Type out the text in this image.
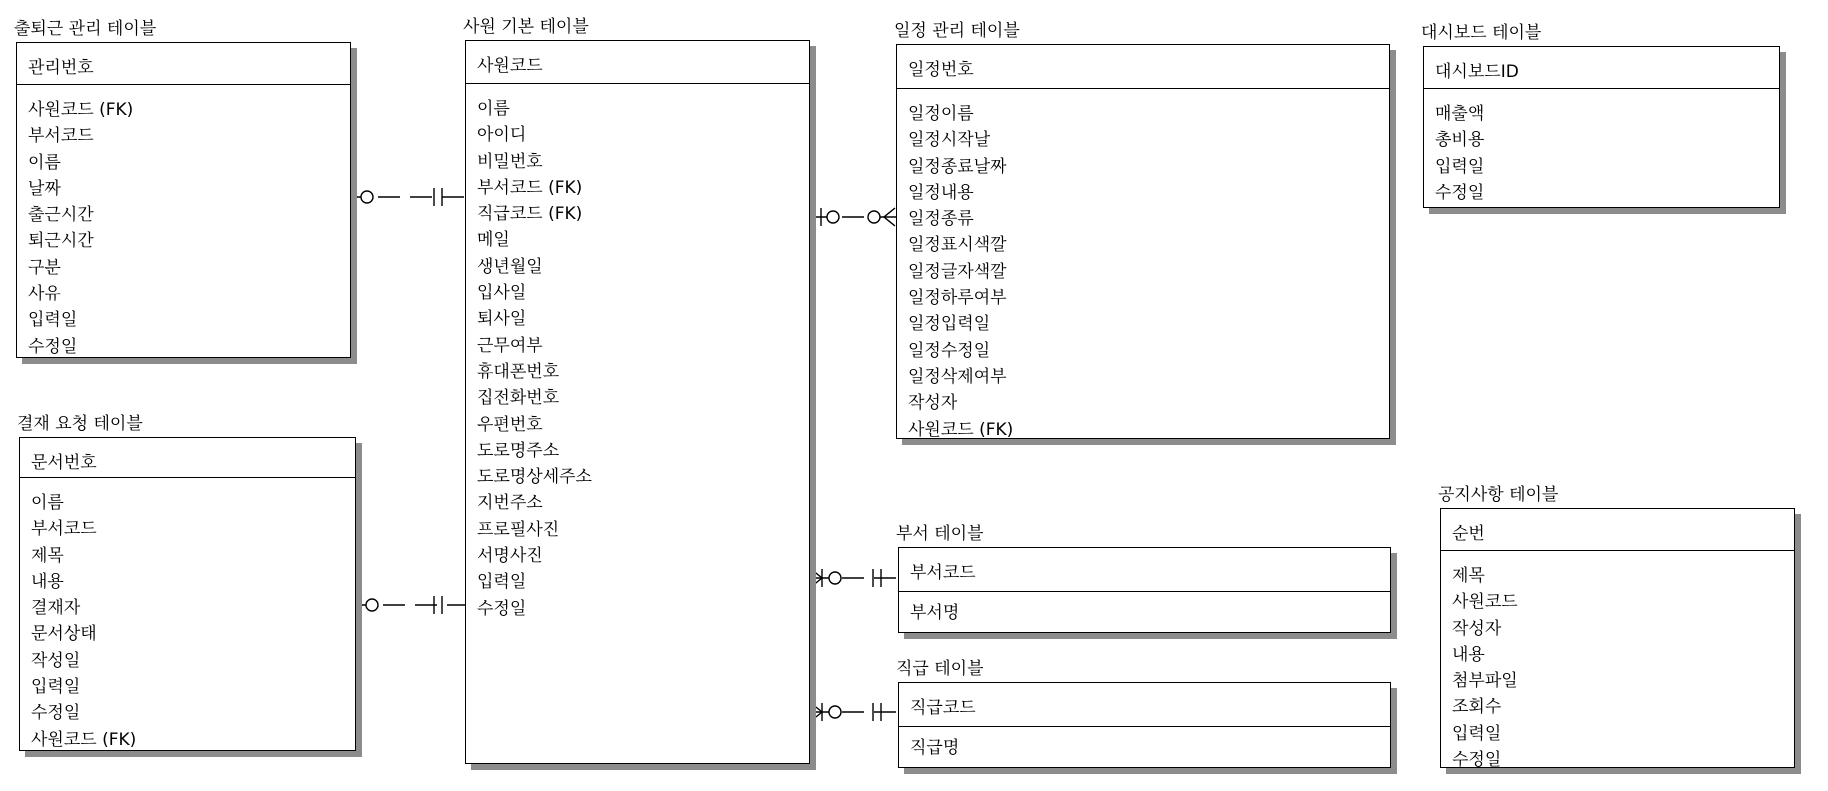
출퇴근 관리 테이블
관리번호
사원코드 (FK)
부서코드
이름
날짜
출근시간
퇴근시간
구분
사유
입력일
수정일
결재 요청 테이블
문서번호
이름
부서코드
제목
내용
결재자
문서상태
작성일
입력일
수정일
사원코드 (FK)
사원 기본 테이블
사원코드
이름
아이디
비밀번호
부서코드 (FK)
직급코드 (FK)
메일
생년월일
입사일
퇴사일
근무여부
휴대폰번호
집전화번호
우편번호
도로명주소
도로명상세주소
지번주소
프로필사진
서명사진
입력일
수정일
일정 관리 테이블
일정번호
일정이름
일정시작날
일정종료날짜
일정내용
일정종류
일정표시색깔
일정글자색깔
일정하루여부
일정입력일
일정수정일
일정삭제여부
작성자
사원코드 (FK)
대시보드 테이블
대시보드ID
매출액
총비용
입력일
수정일
공지사항 테이블
순번
제목
사원코드
작성자
내용
첨부파일
조회수
입력일
수정일
부서 테이블
부서코드
부서명
직급 테이블
직급코드
직급명
